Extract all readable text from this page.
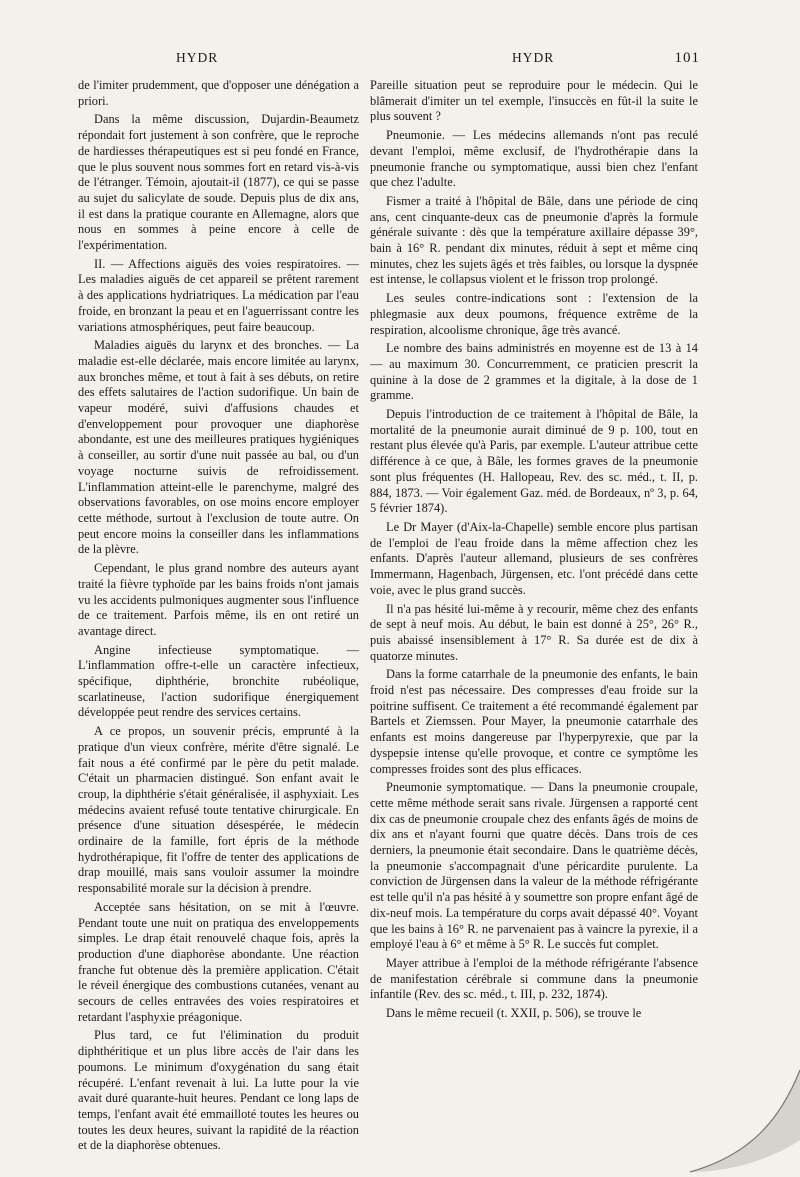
HYDR	HYDR	101

de l'imiter prudemment, que d'opposer une dénégation a priori.

Dans la même discussion, Dujardin-Beaumetz répondait fort justement à son confrère, que le reproche de hardiesses thérapeutiques est si peu fondé en France, que le plus souvent nous sommes fort en retard vis-à-vis de l'étranger. Témoin, ajoutait-il (1877), ce qui se passe au sujet du salicylate de soude. Depuis plus de dix ans, il est dans la pratique courante en Allemagne, alors que nous en sommes à peine encore à celle de l'expérimentation.

II. — Affections aiguës des voies respiratoires. — Les maladies aiguës de cet appareil se prêtent rarement à des applications hydriatriques. La médication par l'eau froide, en bronzant la peau et en l'aguerrissant contre les variations atmosphériques, peut faire beaucoup.

Maladies aiguës du larynx et des bronches. — La maladie est-elle déclarée, mais encore limitée au larynx, aux bronches même, et tout à fait à ses débuts, on retire des effets salutaires de l'action sudorifique. Un bain de vapeur modéré, suivi d'affusions chaudes et d'enveloppement pour provoquer une diaphorèse abondante, est une des meilleures pratiques hygiéniques à conseiller, au sortir d'une nuit passée au bal, ou d'un voyage nocturne suivis de refroidissement. L'inflammation atteint-elle le parenchyme, malgré des observations favorables, on ose moins encore employer cette méthode, surtout à l'exclusion de toute autre. On peut encore moins la conseiller dans les inflammations de la plèvre.

Cependant, le plus grand nombre des auteurs ayant traité la fièvre typhoïde par les bains froids n'ont jamais vu les accidents pulmoniques augmenter sous l'influence de ce traitement. Parfois même, ils en ont retiré un avantage direct.

Angine infectieuse symptomatique. — L'inflammation offre-t-elle un caractère infectieux, spécifique, diphthérie, bronchite rubéolique, scarlatineuse, l'action sudorifique énergiquement développée peut rendre des services certains.

A ce propos, un souvenir précis, emprunté à la pratique d'un vieux confrère, mérite d'être signalé. Le fait nous a été confirmé par le père du petit malade. C'était un pharmacien distingué. Son enfant avait le croup, la diphthérie s'était généralisée, il asphyxiait. Les médecins avaient refusé toute tentative chirurgicale. En présence d'une situation désespérée, le médecin ordinaire de la famille, fort épris de la méthode hydrothérapique, fit l'offre de tenter des applications de drap mouillé, mais sans vouloir assumer la moindre responsabilité morale sur la décision à prendre.

Acceptée sans hésitation, on se mit à l'œuvre. Pendant toute une nuit on pratiqua des enveloppements simples. Le drap était renouvelé chaque fois, après la production d'une diaphorèse abondante. Une réaction franche fut obtenue dès la première application. C'était le réveil énergique des combustions cutanées, venant au secours de celles entravées des voies respiratoires et retardant l'asphyxie préagonique.

Plus tard, ce fut l'élimination du produit diphthéritique et un plus libre accès de l'air dans les poumons. Le minimum d'oxygénation du sang était récupéré. L'enfant revenait à lui. La lutte pour la vie avait duré quarante-huit heures. Pendant ce long laps de temps, l'enfant avait été emmailloté toutes les heures ou toutes les deux heures, suivant la rapidité de la réaction et de la diaphorèse obtenues.

Pareille situation peut se reproduire pour le médecin. Qui le blâmerait d'imiter un tel exemple, l'insuccès en fût-il la suite le plus souvent ?

Pneumonie. — Les médecins allemands n'ont pas reculé devant l'emploi, même exclusif, de l'hydrothérapie dans la pneumonie franche ou symptomatique, aussi bien chez l'enfant que chez l'adulte.

Fismer a traité à l'hôpital de Bâle, dans une période de cinq ans, cent cinquante-deux cas de pneumonie d'après la formule générale suivante : dès que la température axillaire dépasse 39°, bain à 16° R. pendant dix minutes, réduit à sept et même cinq minutes, chez les sujets âgés et très faibles, ou lorsque la dyspnée est intense, le collapsus violent et le frisson trop prolongé.

Les seules contre-indications sont : l'extension de la phlegmasie aux deux poumons, fréquence extrême de la respiration, alcoolisme chronique, âge très avancé.

Le nombre des bains administrés en moyenne est de 13 à 14 — au maximum 30. Concurremment, ce praticien prescrit la quinine à la dose de 2 grammes et la digitale, à la dose de 1 gramme.

Depuis l'introduction de ce traitement à l'hôpital de Bâle, la mortalité de la pneumonie aurait diminué de 9 p. 100, tout en restant plus élevée qu'à Paris, par exemple. L'auteur attribue cette différence à ce que, à Bâle, les formes graves de la pneumonie sont plus fréquentes (H. Hallopeau, Rev. des sc. méd., t. II, p. 884, 1873. — Voir également Gaz. méd. de Bordeaux, nº 3, p. 64, 5 février 1874).

Le Dr Mayer (d'Aix-la-Chapelle) semble encore plus partisan de l'emploi de l'eau froide dans la même affection chez les enfants. D'après l'auteur allemand, plusieurs de ses confrères Immermann, Hagenbach, Jürgensen, etc. l'ont précédé dans cette voie, avec le plus grand succès.

Il n'a pas hésité lui-même à y recourir, même chez des enfants de sept à neuf mois. Au début, le bain est donné à 25°, 26° R., puis abaissé insensiblement à 17° R. Sa durée est de dix à quatorze minutes.

Dans la forme catarrhale de la pneumonie des enfants, le bain froid n'est pas nécessaire. Des compresses d'eau froide sur la poitrine suffisent. Ce traitement a été recommandé également par Bartels et Ziemssen. Pour Mayer, la pneumonie catarrhale des enfants est moins dangereuse par l'hyperpyrexie, que par la dyspepsie intense qu'elle provoque, et contre ce symptôme les compresses froides sont des plus efficaces.

Pneumonie symptomatique. — Dans la pneumonie croupale, cette même méthode serait sans rivale. Jürgensen a rapporté cent dix cas de pneumonie croupale chez des enfants âgés de moins de dix ans et n'ayant fourni que quatre décès. Dans trois de ces derniers, la pneumonie était secondaire. Dans le quatrième décès, la pneumonie s'accompagnait d'une péricardite purulente. La conviction de Jürgensen dans la valeur de la méthode réfrigérante est telle qu'il n'a pas hésité à y soumettre son propre enfant âgé de dix-neuf mois. La température du corps avait dépassé 40°. Voyant que les bains à 16° R. ne parvenaient pas à vaincre la pyrexie, il a employé l'eau à 6° et même à 5° R. Le succès fut complet.

Mayer attribue à l'emploi de la méthode réfrigérante l'absence de manifestation cérébrale si commune dans la pneumonie infantile (Rev. des sc. méd., t. III, p. 232, 1874).

Dans le même recueil (t. XXII, p. 506), se trouve le
